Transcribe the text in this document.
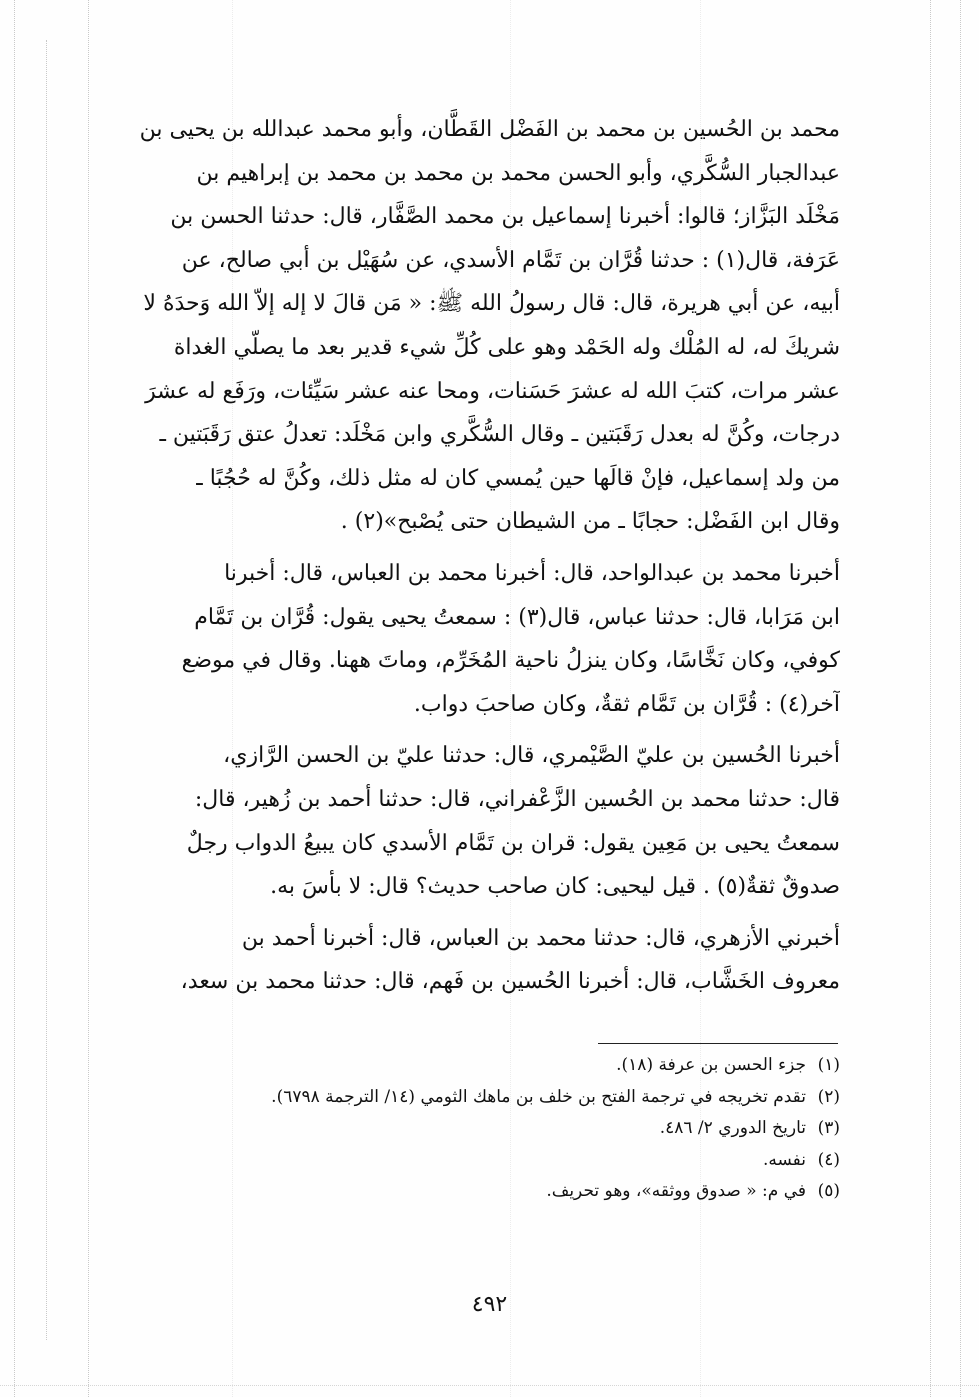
محمد بن الحُسين بن محمد بن الفَضْل القَطَّان، وأبو محمد عبدالله بن يحيى بن
عبدالجبار السُّكَّري، وأبو الحسن محمد بن محمد بن محمد بن إبراهيم بن
مَخْلَد البَزَّاز؛ قالوا: أخبرنا إسماعيل بن محمد الصَّفَّار، قال: حدثنا الحسن بن
عَرَفة، قال(١) : حدثنا قُرَّان بن تَمَّام الأسدي، عن سُهَيْل بن أبي صالح، عن
أبيه، عن أبي هريرة، قال: قال رسولُ الله ﷺ: « مَن قالَ لا إله إلاّ الله وَحدَهُ لا
شريكَ له، له المُلْك وله الحَمْد وهو على كُلِّ شيء قدير بعد ما يصلّي الغداة
عشر مرات، كتبَ الله له عشرَ حَسَنات، ومحا عنه عشر سَيِّئات، ورَفَع له عشرَ
درجات، وكُنَّ له بعدل رَقَبَتين ـ وقال السُّكَّري وابن مَخْلَد: تعدلُ عتق رَقَبَتين ـ
من ولد إسماعيل، فإنْ قالَها حين يُمسي كان له مثل ذلك، وكُنَّ له حُجُبًا ـ
وقال ابن الفَضْل: حجابًا ـ من الشيطان حتى يُصْبح»(٢) .

أخبرنا محمد بن عبدالواحد، قال: أخبرنا محمد بن العباس، قال: أخبرنا
ابن مَرَابا، قال: حدثنا عباس، قال(٣) : سمعتُ يحيى يقول: قُرَّان بن تَمَّام
كوفي، وكان نَخَّاسًا، وكان ينزلُ ناحية المُخَرِّم، وماتَ ههنا. وقال في موضع
آخر(٤) : قُرَّان بن تَمَّام ثقةٌ، وكان صاحبَ دواب.

أخبرنا الحُسين بن عليّ الصَّيْمري، قال: حدثنا عليّ بن الحسن الرَّازي،
قال: حدثنا محمد بن الحُسين الزَّعْفراني، قال: حدثنا أحمد بن زُهير، قال:
سمعتُ يحيى بن مَعِين يقول: قران بن تَمَّام الأسدي كان يبيعُ الدواب رجلٌ
صدوقٌ ثقةٌ(٥) . قيل ليحيى: كان صاحب حديث؟ قال: لا بأسَ به.

أخبرني الأزهري، قال: حدثنا محمد بن العباس، قال: أخبرنا أحمد بن
معروف الخَشَّاب، قال: أخبرنا الحُسين بن فَهم، قال: حدثنا محمد بن سعد،

(١)
جزء الحسن بن عرفة (١٨).
(٢)
تقدم تخريجه في ترجمة الفتح بن خلف بن ماهك الثومي (١٤/ الترجمة ٦٧٩٨).
(٣)
تاريخ الدوري ٢/ ٤٨٦.
(٤)
نفسه.
(٥)
في م: « صدوق ووثقه»، وهو تحريف.
٤٩٢
